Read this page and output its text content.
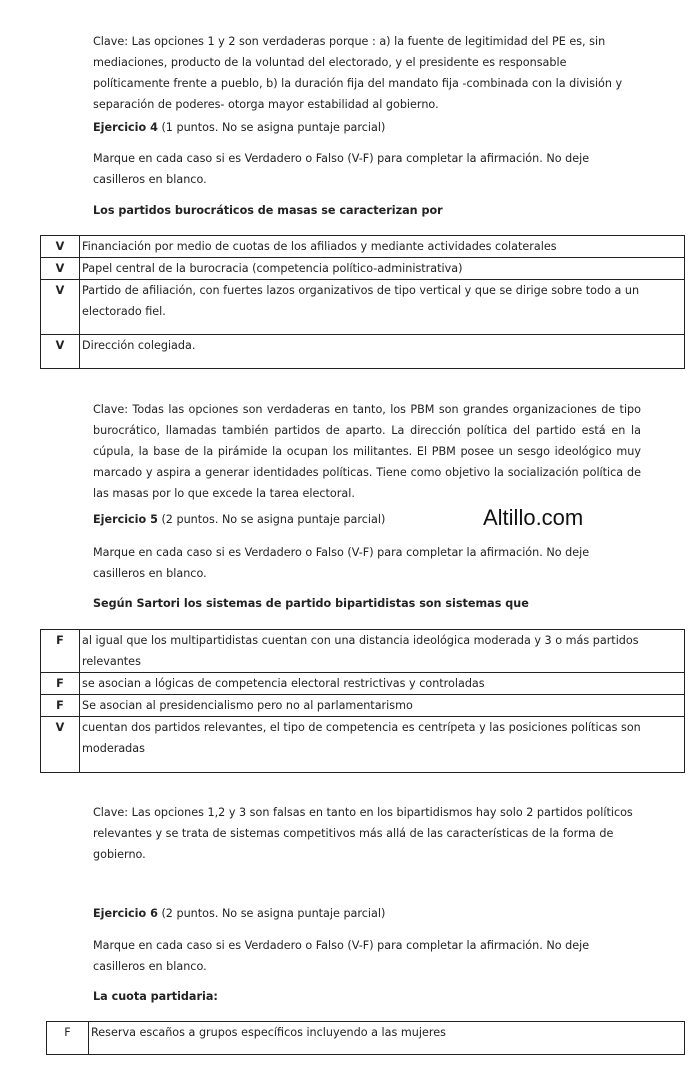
Clave: Las opciones 1 y 2 son verdaderas porque : a) la fuente de legitimidad del PE es, sin mediaciones, producto de la voluntad del electorado, y el presidente es responsable políticamente frente a pueblo, b) la duración fija del mandato fija -combinada con la división y separación de poderes- otorga mayor estabilidad al gobierno.

Ejercicio 4 (1 puntos. No se asigna puntaje parcial)

Marque en cada caso si es Verdadero o Falso (V-F) para completar la afirmación. No deje casilleros en blanco.

Los partidos burocráticos de masas se caracterizan por

V	Financiación por medio de cuotas de los afiliados y mediante actividades colaterales
V	Papel central de la burocracia (competencia político-administrativa)
V	Partido de afiliación, con fuertes lazos organizativos de tipo vertical y que se dirige sobre todo a un electorado fiel.
V	Dirección colegiada.

Clave: Todas las opciones son verdaderas en tanto, los PBM son grandes organizaciones de tipo burocrático, llamadas también partidos de aparto. La dirección política del partido está en la cúpula, la base de la pirámide la ocupan los militantes. El PBM posee un sesgo ideológico muy marcado y aspira a generar identidades políticas. Tiene como objetivo la socialización política de las masas por lo que excede la tarea electoral.

Ejercicio 5 (2 puntos. No se asigna puntaje parcial)	Altillo.com

Marque en cada caso si es Verdadero o Falso (V-F) para completar la afirmación. No deje casilleros en blanco.

Según Sartori los sistemas de partido bipartidistas son sistemas que

F	al igual que los multipartidistas cuentan con una distancia ideológica moderada y 3 o más partidos relevantes
F	se asocian a lógicas de competencia electoral restrictivas y controladas
F	Se asocian al presidencialismo pero no al parlamentarismo
V	cuentan dos partidos relevantes, el tipo de competencia es centrípeta y las posiciones políticas son moderadas

Clave: Las opciones 1,2 y 3 son falsas en tanto en los bipartidismos hay solo 2 partidos políticos relevantes y se trata de sistemas competitivos más allá de las características de la forma de gobierno.

Ejercicio 6 (2 puntos. No se asigna puntaje parcial)

Marque en cada caso si es Verdadero o Falso (V-F) para completar la afirmación. No deje casilleros en blanco.

La cuota partidaria:

F	Reserva escaños a grupos específicos incluyendo a las mujeres
